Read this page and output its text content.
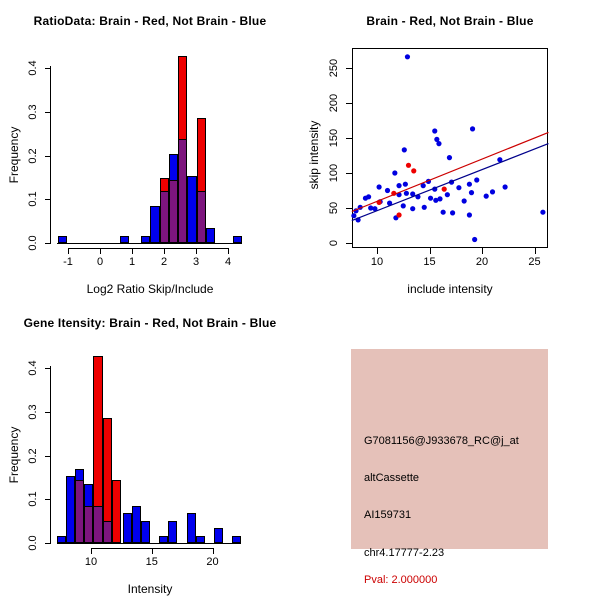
0.0
0.1
0.2
0.3
0.4
-1	0	1	2	3	4
RatioData: Brain - Red, Not Brain - Blue
Frequency
Log2 Ratio Skip/Include
0
50
100
150
200
250
10	15	20	25
Brain - Red, Not Brain - Blue
skip intensity
include intensity
0.0
0.1
0.2
0.3
0.4
10	15	20
Gene Itensity: Brain - Red, Not Brain - Blue
Frequency
Intensity
G7081156@J933678_RC@j_at
altCassette
AI159731
chr4.17777-2.23
Pval: 2.000000
